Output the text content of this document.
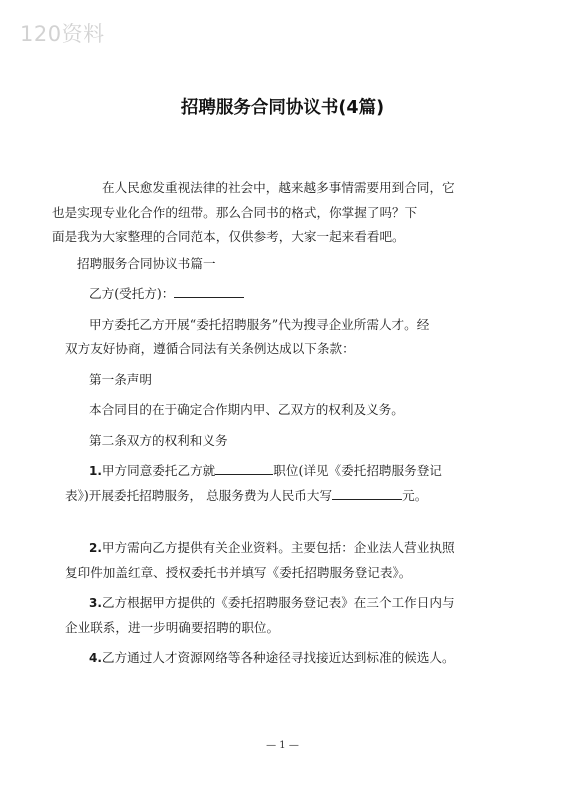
120资料
招聘服务合同协议书(4篇)

在人民愈发重视法律的社会中，越来越多事情需要用到合同，它
也是实现专业化合作的纽带。那么合同书的格式，你掌握了吗？下
面是我为大家整理的合同范本，仅供参考，大家一起来看看吧。

招聘服务合同协议书篇一

乙方(受托方)：

甲方委托乙方开展“委托招聘服务”代为搜寻企业所需人才。经
双方友好协商，遵循合同法有关条例达成以下条款：

第一条声明

本合同目的在于确定合作期内甲、乙双方的权利及义务。

第二条双方的权利和义务

1.甲方同意委托乙方就	职位(详见《委托招聘服务登记
表》)开展委托招聘服务， 总服务费为人民币大写	元。

2.甲方需向乙方提供有关企业资料。主要包括：企业法人营业执照
复印件加盖红章、授权委托书并填写《委托招聘服务登记表》。

3.乙方根据甲方提供的《委托招聘服务登记表》在三个工作日内与
企业联系，进一步明确要招聘的职位。

4.乙方通过人才资源网络等各种途径寻找接近达到标准的候选人。

— 1 —
